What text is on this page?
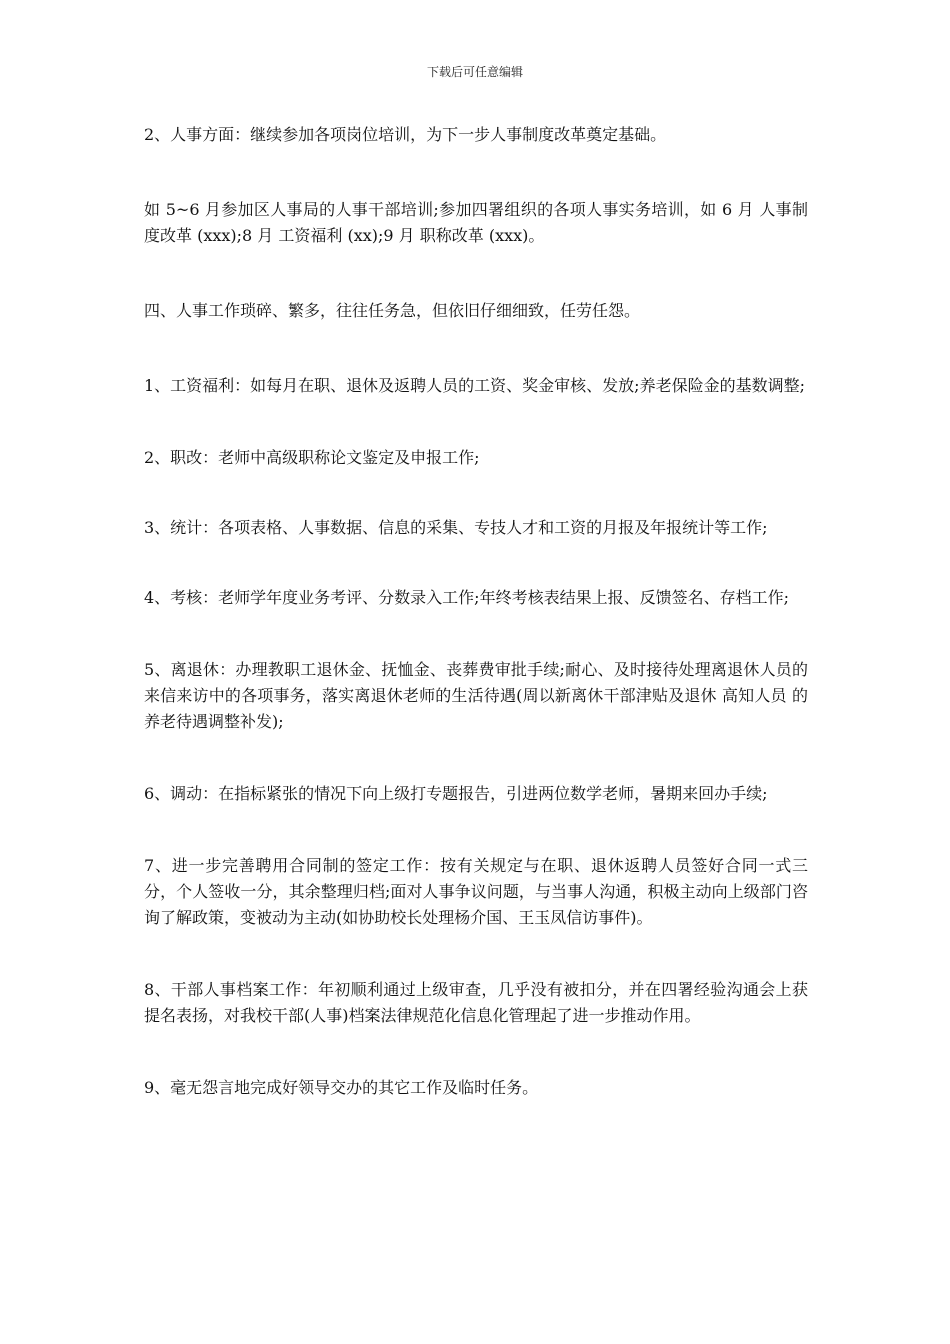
下载后可任意编辑

2、人事方面：继续参加各项岗位培训，为下一步人事制度改革奠定基础。

如 5~6 月参加区人事局的人事干部培训;参加四署组织的各项人事实务培训，如 6 月 人事制度改革 (xxx);8 月 工资福利 (xx);9 月 职称改革 (xxx)。

四、人事工作琐碎、繁多，往往任务急，但依旧仔细细致，任劳任怨。

1、工资福利：如每月在职、退休及返聘人员的工资、奖金审核、发放;养老保险金的基数调整;

2、职改：老师中高级职称论文鉴定及申报工作;

3、统计：各项表格、人事数据、信息的采集、专技人才和工资的月报及年报统计等工作;

4、考核：老师学年度业务考评、分数录入工作;年终考核表结果上报、反馈签名、存档工作;

5、离退休：办理教职工退休金、抚恤金、丧葬费审批手续;耐心、及时接待处理离退休人员的来信来访中的各项事务，落实离退休老师的生活待遇(周以新离休干部津贴及退休 高知人员 的养老待遇调整补发);

6、调动：在指标紧张的情况下向上级打专题报告，引进两位数学老师，暑期来回办手续;

7、进一步完善聘用合同制的签定工作：按有关规定与在职、退休返聘人员签好合同一式三分，个人签收一分，其余整理归档;面对人事争议问题，与当事人沟通，积极主动向上级部门咨询了解政策，变被动为主动(如协助校长处理杨介国、王玉凤信访事件)。

8、干部人事档案工作：年初顺利通过上级审查，几乎没有被扣分，并在四署经验沟通会上获提名表扬，对我校干部(人事)档案法律规范化信息化管理起了进一步推动作用。

9、毫无怨言地完成好领导交办的其它工作及临时任务。
